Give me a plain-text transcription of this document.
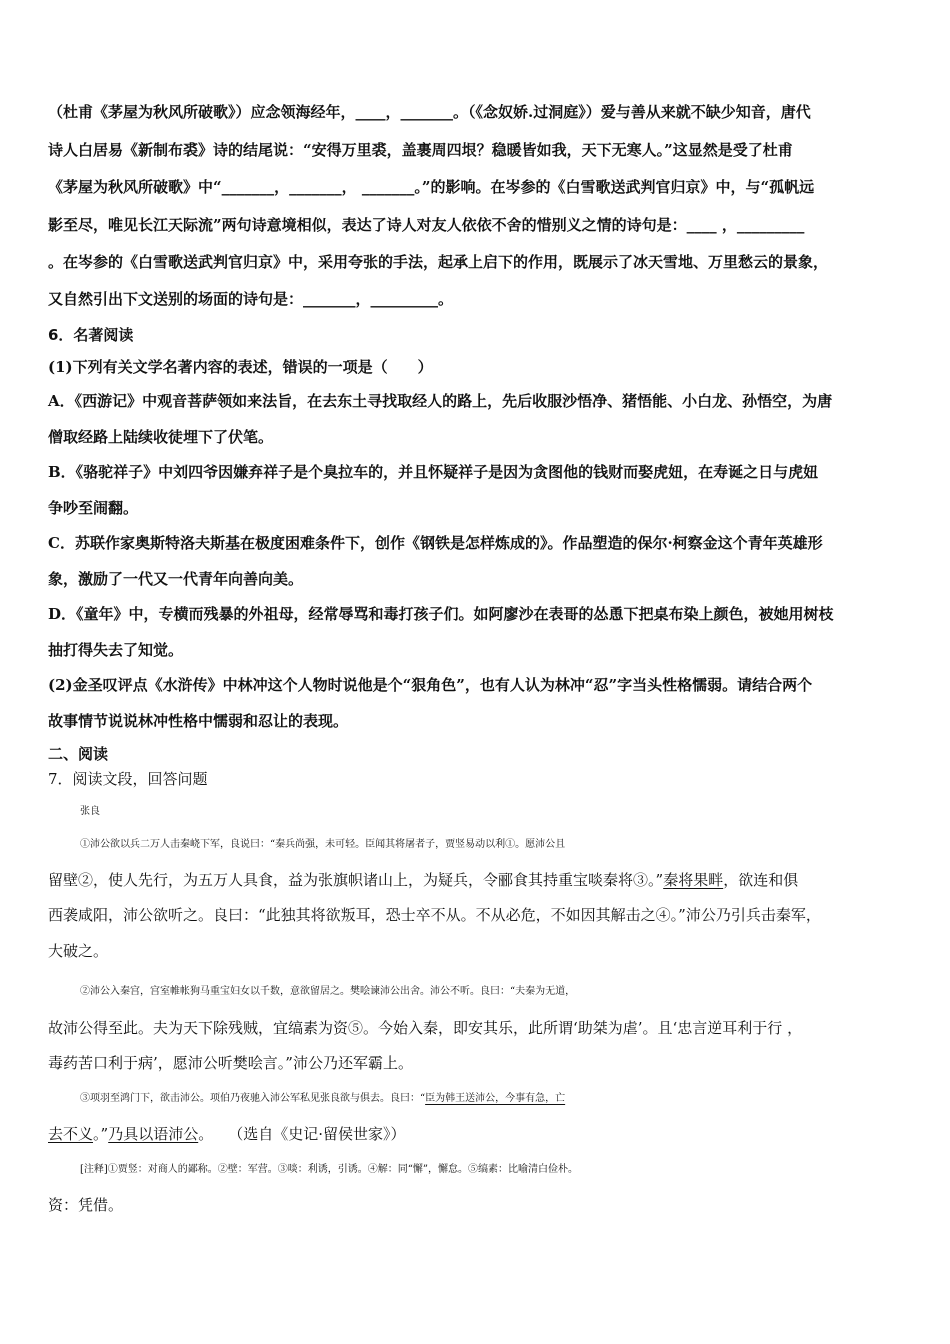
（杜甫《茅屋为秋风所破歌》）应念领海经年，____，_______。（《念奴娇.过洞庭》）爱与善从来就不缺少知音，唐代
诗人白居易《新制布裘》诗的结尾说：“安得万里裘，盖裹周四垠？稳暖皆如我，天下无寒人。”这显然是受了杜甫
《茅屋为秋风所破歌》中“_______，_______， _______。”的影响。在岑参的《白雪歌送武判官归京》中，与“孤帆远
影至尽，唯见长江天际流”两句诗意境相似，表达了诗人对友人依依不舍的惜别义之情的诗句是：____ ，_________
。在岑参的《白雪歌送武判官归京》中，采用夸张的手法，起承上启下的作用，既展示了冰天雪地、万里愁云的景象，
又自然引出下文送别的场面的诗句是：_______，_________。
6．名著阅读
(1)下列有关文学名著内容的表述，错误的一项是（　　）
A．《西游记》中观音菩萨领如来法旨，在去东土寻找取经人的路上，先后收服沙悟净、猪悟能、小白龙、孙悟空，为唐
僧取经路上陆续收徒埋下了伏笔。
B．《骆驼祥子》中刘四爷因嫌弃祥子是个臭拉车的，并且怀疑祥子是因为贪图他的钱财而娶虎妞，在寿诞之日与虎妞
争吵至闹翻。
C．苏联作家奥斯特洛夫斯基在极度困难条件下，创作《钢铁是怎样炼成的》。作品塑造的保尔·柯察金这个青年英雄形
象，激励了一代又一代青年向善向美。
D．《童年》中，专横而残暴的外祖母，经常辱骂和毒打孩子们。如阿廖沙在表哥的怂恿下把桌布染上颜色，被她用树枝
抽打得失去了知觉。
(2)金圣叹评点《水浒传》中林冲这个人物时说他是个“狠角色”，也有人认为林冲“忍”字当头性格懦弱。请结合两个
故事情节说说林冲性格中懦弱和忍让的表现。
二、阅读
7．阅读文段，回答问题
张良
①沛公欲以兵二万人击秦峣下军，良说曰：“秦兵尚强，未可轻。臣闻其将屠者子，贾竖易动以利①。愿沛公且
留壁②，使人先行，为五万人具食，益为张旗帜诸山上，为疑兵，令郦食其持重宝啖秦将③。”秦将果畔，欲连和俱
西袭咸阳，沛公欲听之。良曰：“此独其将欲叛耳，恐士卒不从。不从必危，不如因其解击之④。”沛公乃引兵击秦军，
大破之。
②沛公入秦宫，宫室帷帐狗马重宝妇女以千数，意欲留居之。樊哙谏沛公出舍。沛公不听。良曰：“夫秦为无道，
故沛公得至此。夫为天下除残贼，宜缟素为资⑤。今始入秦，即安其乐，此所谓‘助桀为虐’。且‘忠言逆耳利于行 ，
毒药苦口利于病’，愿沛公听樊哙言。”沛公乃还军霸上。
③项羽至鸿门下，欲击沛公。项伯乃夜驰入沛公军私见张良欲与俱去。良曰：“臣为韩王送沛公，今事有急，亡
去不义。”乃具以语沛公。　　（选自《史记·留侯世家》）
[注释]①贾竖：对商人的鄙称。②壁：军营。③啖：利诱，引诱。④解：同“懈”，懈怠。⑤缟素：比喻清白俭朴。
资：凭借。
